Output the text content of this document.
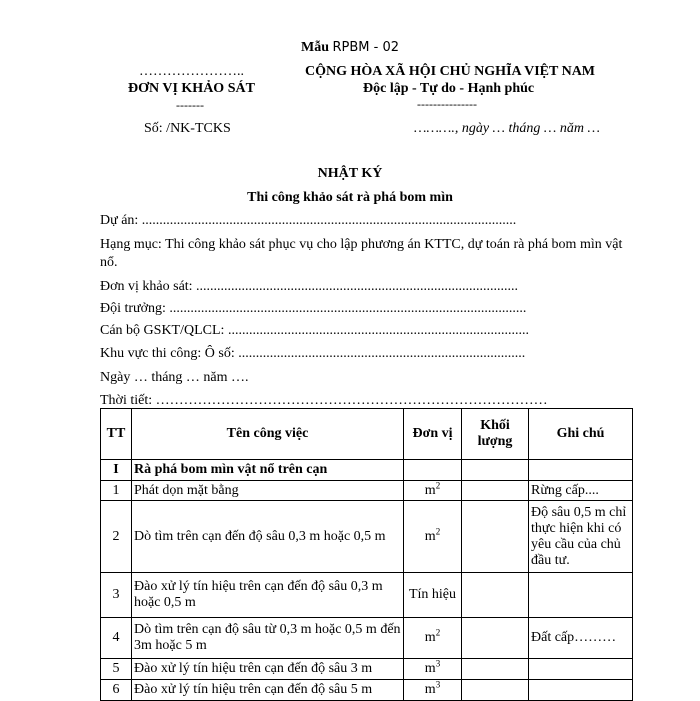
Mẫu RPBM - 02
…………………..
ĐƠN VỊ KHẢO SÁT
-------
CỘNG HÒA XÃ HỘI CHỦ NGHĨA VIỆT NAM
Độc lập - Tự do - Hạnh phúc
---------------
Số: /NK-TCKS	………., ngày … tháng … năm …
NHẬT KÝ
Thi công khảo sát rà phá bom mìn
Dự án: ...........................................................................................................
Hạng mục: Thi công khảo sát phục vụ cho lập phương án KTTC, dự toán rà phá bom mìn vật nổ.
Đơn vị khảo sát: ............................................................................................
Đội trưởng: ......................................................................................................
Cán bộ GSKT/QLCL: ......................................................................................
Khu vực thi công: Ô số: ..................................................................................
Ngày … tháng … năm ….
Thời tiết: …………………………………………………………………………
TT	Tên công việc	Đơn vị	Khối lượng	Ghi chú
I	Rà phá bom mìn vật nổ trên cạn			
1	Phát dọn mặt bằng	$m^2$		Rừng cấp....
2	Dò tìm trên cạn đến độ sâu 0,3 m hoặc 0,5 m	$m^2$		Độ sâu 0,5 m chỉ thực hiện khi có yêu cầu của chủ đầu tư.
3	Đào xử lý tín hiệu trên cạn đến độ sâu 0,3 m hoặc 0,5 m	Tín hiệu		
4	Dò tìm trên cạn độ sâu từ 0,3 m hoặc 0,5 m đến 3m hoặc 5 m	$m^2$		Đất cấp………
5	Đào xử lý tín hiệu trên cạn đến độ sâu 3 m	$m^3$		
6	Đào xử lý tín hiệu trên cạn đến độ sâu 5 m	$m^3$		
